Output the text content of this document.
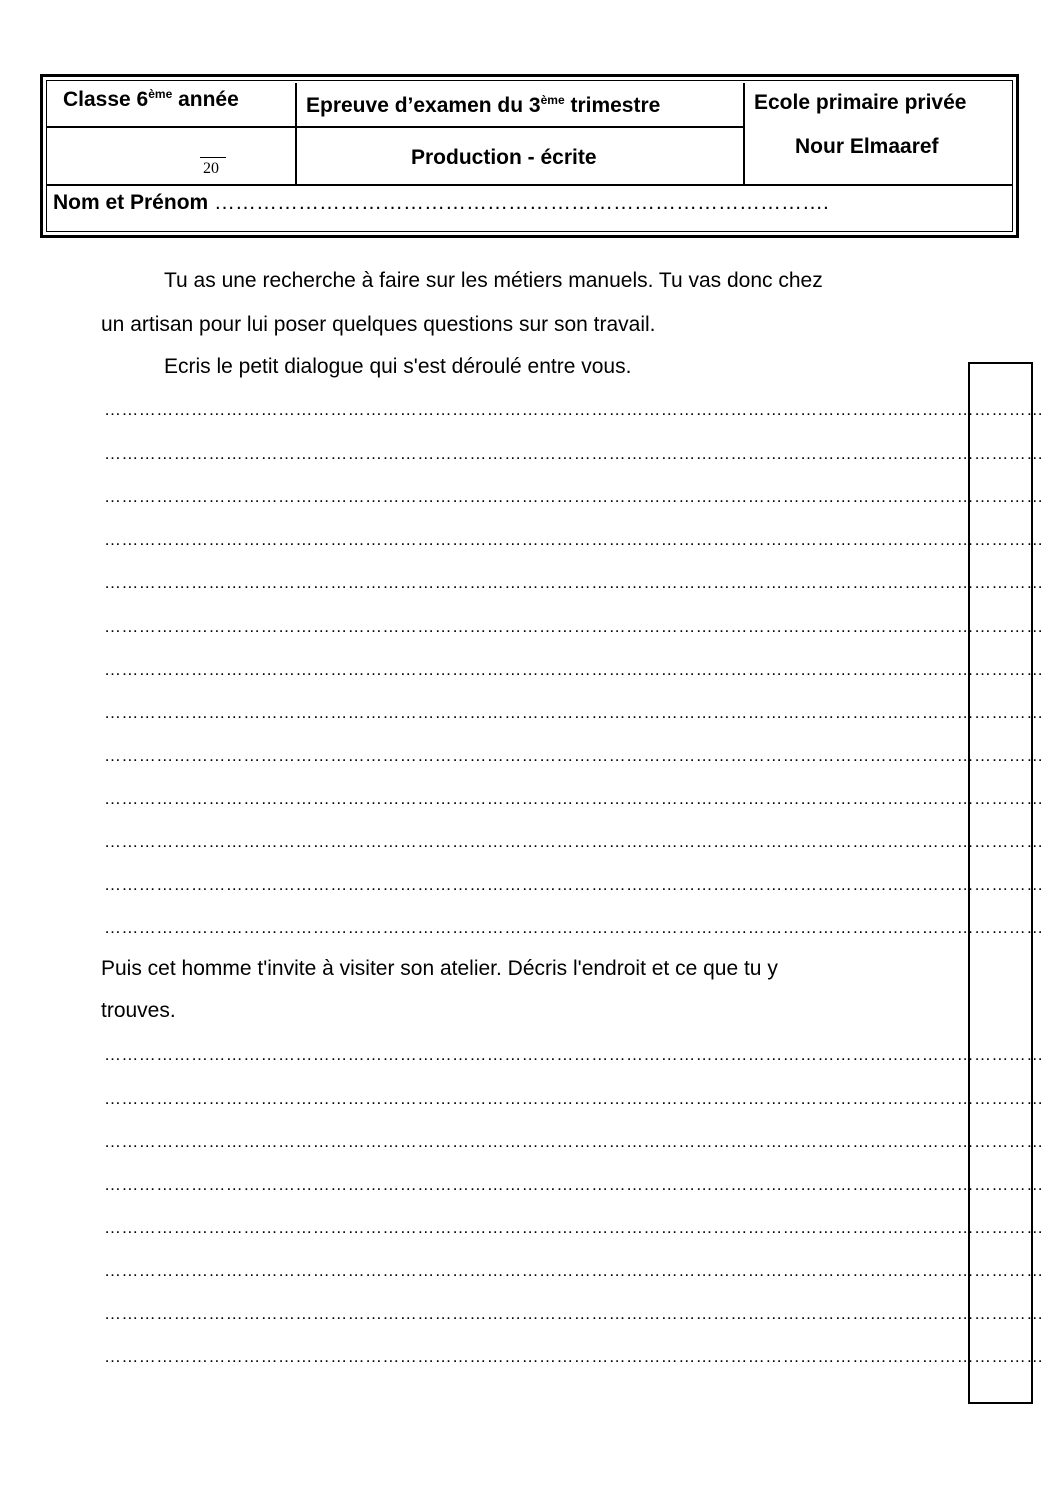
Classe 6ème année	Epreuve d’examen du 3ème trimestre	Ecole primaire privée
Nour Elmaaref
20	Production - écrite
Nom et Prénom …………………………………………………………………………….
Tu as une recherche à faire sur les métiers manuels. Tu vas donc chez
un artisan pour lui poser quelques questions sur son travail.
Ecris le petit dialogue qui s'est déroulé entre vous.
………………………………………………………………………………………………………………………………………………
………………………………………………………………………………………………………………………………………………
………………………………………………………………………………………………………………………………………………
………………………………………………………………………………………………………………………………………………
………………………………………………………………………………………………………………………………………………
………………………………………………………………………………………………………………………………………………
………………………………………………………………………………………………………………………………………………
………………………………………………………………………………………………………………………………………………
………………………………………………………………………………………………………………………………………………
………………………………………………………………………………………………………………………………………………
………………………………………………………………………………………………………………………………………………
………………………………………………………………………………………………………………………………………………
………………………………………………………………………………………………………………………………………………
Puis cet homme t'invite à visiter son atelier. Décris l'endroit et ce que tu y
trouves.
………………………………………………………………………………………………………………………………………………
………………………………………………………………………………………………………………………………………………
………………………………………………………………………………………………………………………………………………
………………………………………………………………………………………………………………………………………………
………………………………………………………………………………………………………………………………………………
………………………………………………………………………………………………………………………………………………
………………………………………………………………………………………………………………………………………………
………………………………………………………………………………………………………………………………………………
